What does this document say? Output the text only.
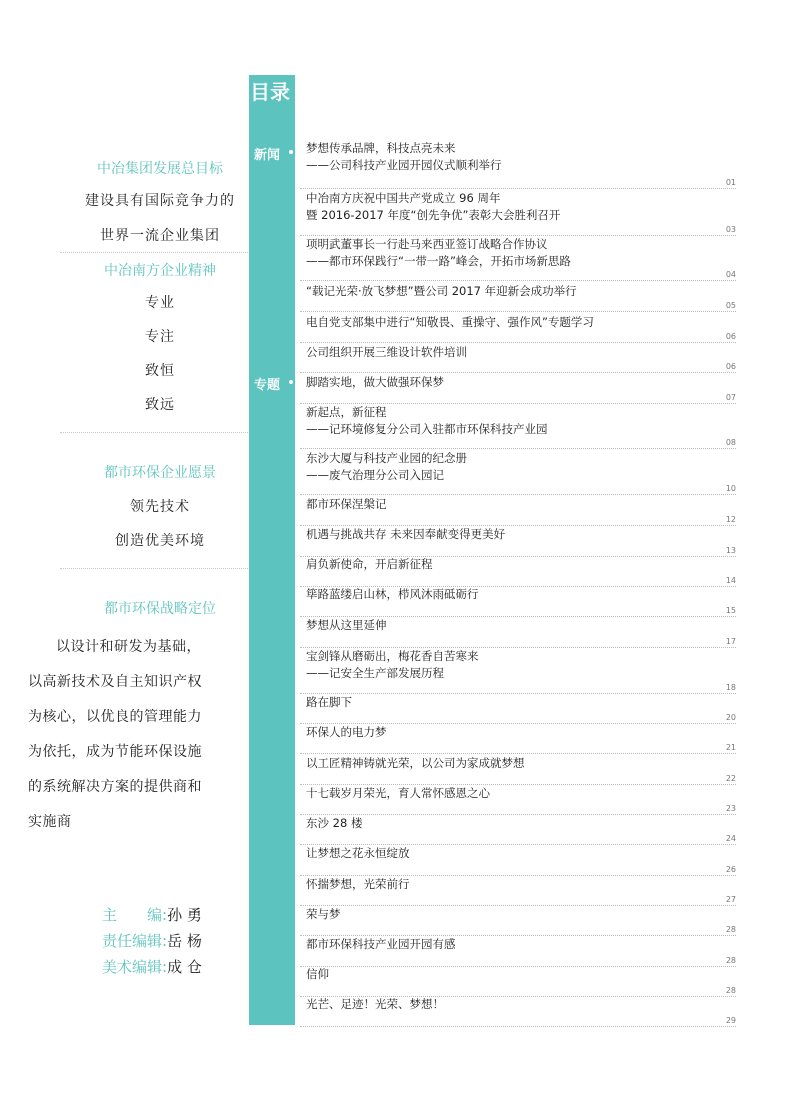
中冶集团发展总目标
建设具有国际竞争力的
世界一流企业集团
中冶南方企业精神
专业
专注
致恒
致远
都市环保企业愿景
领先技术
创造优美环境
都市环保战略定位
以设计和研发为基础，以高新技术及自主知识产权为核心，以优良的管理能力为依托，成为节能环保设施的系统解决方案的提供商和实施商
主　　编:孙 勇
责任编辑:岳 杨
美术编辑:成 仓
目录
新闻
专题
梦想传承品牌，科技点亮未来
——公司科技产业园开园仪式顺利举行
01
中冶南方庆祝中国共产党成立 96 周年
暨 2016-2017 年度“创先争优”表彰大会胜利召开
03
项明武董事长一行赴马来西亚签订战略合作协议
——都市环保践行“一带一路”峰会，开拓市场新思路
04
“载记光荣·放飞梦想”暨公司 2017 年迎新会成功举行
05
电自党支部集中进行“知敬畏、重操守、强作风”专题学习
06
公司组织开展三维设计软件培训
06
脚踏实地，做大做强环保梦
07
新起点，新征程
——记环境修复分公司入驻都市环保科技产业园
08
东沙大厦与科技产业园的纪念册
——废气治理分公司入园记
10
都市环保涅槃记
12
机遇与挑战共存 未来因奉献变得更美好
13
肩负新使命，开启新征程
14
筚路蓝缕启山林，栉风沐雨砥砺行
15
梦想从这里延伸
17
宝剑锋从磨砺出，梅花香自苦寒来
——记安全生产部发展历程
18
路在脚下
20
环保人的电力梦
21
以工匠精神铸就光荣，以公司为家成就梦想
22
十七载岁月荣光，育人常怀感恩之心
23
东沙 28 楼
24
让梦想之花永恒绽放
26
怀揣梦想，光荣前行
27
荣与梦
28
都市环保科技产业园开园有感
28
信仰
28
光芒、足迹！光荣、梦想！
29
